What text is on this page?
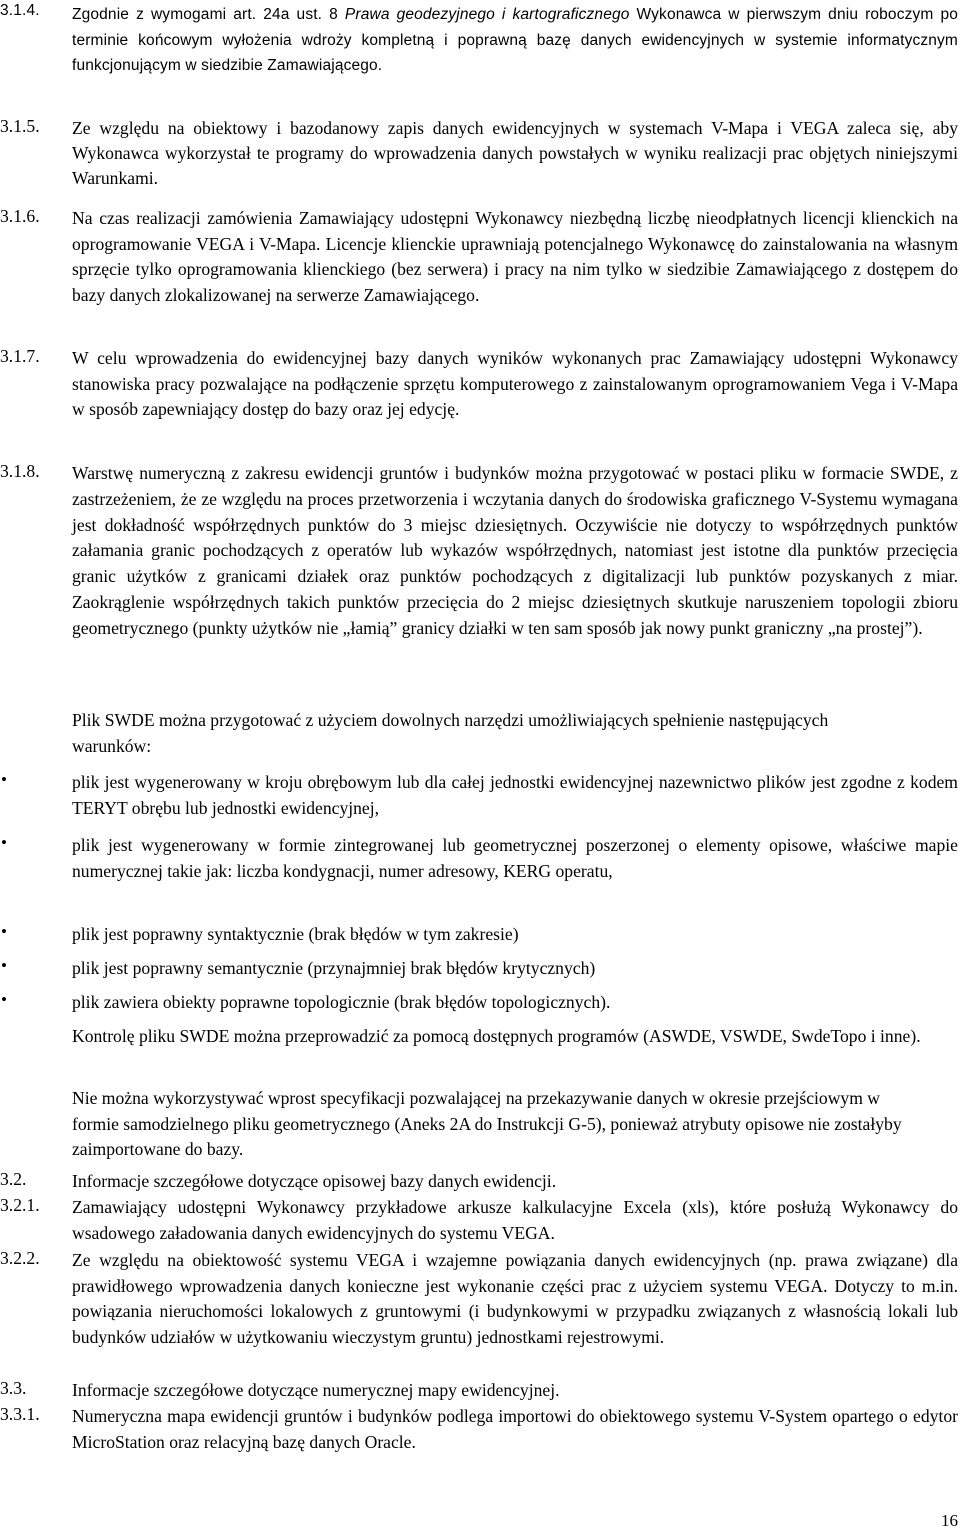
3.1.4.	Zgodnie z wymogami art. 24a ust. 8 Prawa geodezyjnego i kartograficznego Wykonawca w pierwszym dniu roboczym po terminie końcowym wyłożenia wdroży kompletną i poprawną bazę danych ewidencyjnych w systemie informatycznym funkcjonującym w siedzibie Zamawiającego.
3.1.5.	Ze względu na obiektowy i bazodanowy zapis danych ewidencyjnych w systemach V-Mapa i VEGA zaleca się, aby Wykonawca wykorzystał te programy do wprowadzenia danych powstałych w wyniku realizacji prac objętych niniejszymi Warunkami.
3.1.6.	Na czas realizacji zamówienia Zamawiający udostępni Wykonawcy niezbędną liczbę nieodpłatnych licencji klienckich na oprogramowanie VEGA i V-Mapa. Licencje klienckie uprawniają potencjalnego Wykonawcę do zainstalowania na własnym sprzęcie tylko oprogramowania klienckiego (bez serwera) i pracy na nim tylko w siedzibie Zamawiającego z dostępem do bazy danych zlokalizowanej na serwerze Zamawiającego.
3.1.7.	W celu wprowadzenia do ewidencyjnej bazy danych wyników wykonanych prac Zamawiający udostępni Wykonawcy stanowiska pracy pozwalające na podłączenie sprzętu komputerowego z zainstalowanym oprogramowaniem Vega i V-Mapa w sposób zapewniający dostęp do bazy oraz jej edycję.
3.1.8.	Warstwę numeryczną z zakresu ewidencji gruntów i budynków można przygotować w postaci pliku w formacie SWDE, z zastrzeżeniem, że ze względu na proces przetworzenia i wczytania danych do środowiska graficznego V-Systemu wymagana jest dokładność współrzędnych punktów do 3 miejsc dziesiętnych. Oczywiście nie dotyczy to współrzędnych punktów załamania granic pochodzących z operatów lub wykazów współrzędnych, natomiast jest istotne dla punktów przecięcia granic użytków z granicami działek oraz punktów pochodzących z digitalizacji lub punktów pozyskanych z miar. Zaokrąglenie współrzędnych takich punktów przecięcia do 2 miejsc dziesiętnych skutkuje naruszeniem topologii zbioru geometrycznego (punkty użytków nie „łamią” granicy działki w ten sam sposób jak nowy punkt graniczny „na prostej”).
Plik SWDE można przygotować z użyciem dowolnych narzędzi umożliwiających spełnienie następujących warunków:
•	plik jest wygenerowany w kroju obrębowym lub dla całej jednostki ewidencyjnej nazewnictwo plików jest zgodne z kodem TERYT obrębu lub jednostki ewidencyjnej,
•	plik jest wygenerowany w formie zintegrowanej lub geometrycznej poszerzonej o elementy opisowe, właściwe mapie numerycznej takie jak: liczba kondygnacji, numer adresowy, KERG operatu,
•	plik jest poprawny syntaktycznie (brak błędów w tym zakresie)
•	plik jest poprawny semantycznie (przynajmniej brak błędów krytycznych)
•	plik zawiera obiekty poprawne topologicznie (brak błędów topologicznych).
Kontrolę pliku SWDE można przeprowadzić za pomocą dostępnych programów (ASWDE, VSWDE, SwdeTopo i inne).
Nie można wykorzystywać wprost specyfikacji pozwalającej na przekazywanie danych w okresie przejściowym w formie samodzielnego pliku geometrycznego (Aneks 2A do Instrukcji G-5), ponieważ atrybuty opisowe nie zostałyby zaimportowane do bazy.
3.2.	Informacje szczegółowe dotyczące opisowej bazy danych ewidencji.
3.2.1.	Zamawiający udostępni Wykonawcy przykładowe arkusze kalkulacyjne Excela (xls), które posłużą Wykonawcy do wsadowego załadowania danych ewidencyjnych do systemu VEGA.
3.2.2.	Ze względu na obiektowość systemu VEGA i wzajemne powiązania danych ewidencyjnych (np. prawa związane) dla prawidłowego wprowadzenia danych konieczne jest wykonanie części prac z użyciem systemu VEGA. Dotyczy to m.in. powiązania nieruchomości lokalowych z gruntowymi (i budynkowymi w przypadku związanych z własnością lokali lub budynków udziałów w użytkowaniu wieczystym gruntu) jednostkami rejestrowymi.
3.3.	Informacje szczegółowe dotyczące numerycznej mapy ewidencyjnej.
3.3.1.	Numeryczna mapa ewidencji gruntów i budynków podlega importowi do obiektowego systemu V-System opartego o edytor MicroStation oraz relacyjną bazę danych Oracle.
16
